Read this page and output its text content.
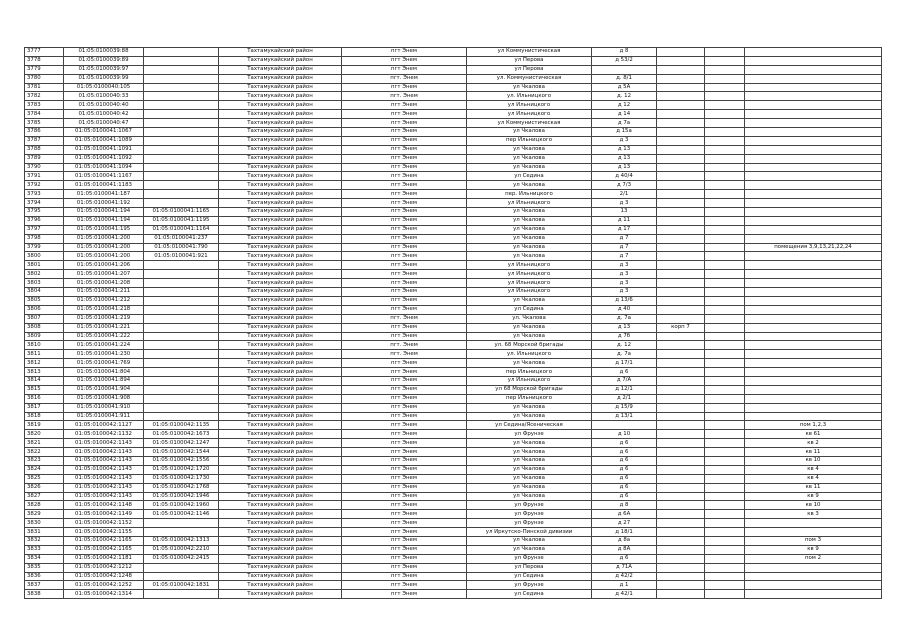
3777	01:05:0100039:88		Тахтамукайский район	пгт Энем	ул Коммунистическая	д 8			
3778	01:05:0100039:89		Тахтамукайский район	пгт Энем	ул Перова	д 53/2			
3779	01:05:0100039:97		Тахтамукайский район	пгт Энем	ул Перова				
3780	01:05:0100039:99		Тахтамукайский район	пгт. Энем	ул. Коммунистическая	д. 8/1			
3781	01:05:0100040:105		Тахтамукайский район	пгт Энем	ул Чкалова	д 5А			
3782	01:05:0100040:33		Тахтамукайский район	пгт. Энем	ул. Ильницкого	д. 12			
3783	01:05:0100040:40		Тахтамукайский район	пгт Энем	ул Ильницкого	д 12			
3784	01:05:0100040:42		Тахтамукайский район	пгт Энем	ул Ильницкого	д 14			
3785	01:05:0100040:47		Тахтамукайский район	пгт Энем	ул Коммунистическая	д 7а			
3786	01:05:0100041:1067		Тахтамукайский район	пгт Энем	ул Чкалова	д 15а			
3787	01:05:0100041:1089		Тахтамукайский район	пгт Энем	пер Ильницкого	д 3			
3788	01:05:0100041:1091		Тахтамукайский район	пгт Энем	ул Чкалова	д 13			
3789	01:05:0100041:1092		Тахтамукайский район	пгт Энем	ул Чкалова	д 13			
3790	01:05:0100041:1094		Тахтамукайский район	пгт Энем	ул Чкалова	д 13			
3791	01:05:0100041:1167		Тахтамукайский район	пгт Энем	ул Седина	д 40/4			
3792	01:05:0100041:1183		Тахтамукайский район	пгт Энем	ул Чкалова	д 7/3			
3793	01:05:0100041:187		Тахтамукайский район	пгт Энем	пер. Ильницкого	2/1			
3794	01:05:0100041:192		Тахтамукайский район	пгт Энем	ул Ильницкого	д 3			
3795	01:05:0100041:194	01:05:0100041:1165	Тахтамукайский район	пгт Энем	ул Чкалова	13			
3796	01:05:0100041:194	01:05:0100041:1195	Тахтамукайский район	пгт Энем	ул Чкалова	д 11			
3797	01:05:0100041:195	01:05:0100041:1164	Тахтамукайский район	пгт Энем	ул Чкалова	д 17			
3798	01:05:0100041:200	01:05:0100041:237	Тахтамукайский район	пгт Энем	ул Чкалова	д 7			
3799	01:05:0100041:200	01:05:0100041:790	Тахтамукайский район	пгт Энем	ул Чкалова	д 7			помещения 3,9,13,21,22,24
3800	01:05:0100041:200	01:05:0100041:921	Тахтамукайский район	пгт Энем	ул Чкалова	д 7			
3801	01:05:0100041:206		Тахтамукайский район	пгт Энем	ул Ильницкого	д 3			
3802	01:05:0100041:207		Тахтамукайский район	пгт Энем	ул Ильницкого	д 3			
3803	01:05:0100041:208		Тахтамукайский район	пгт Энем	ул Ильницкого	д 3			
3804	01:05:0100041:211		Тахтамукайский район	пгт Энем	ул Ильницкого	д 3			
3805	01:05:0100041:212		Тахтамукайский район	пгт Энем	ул Чкалова	д 13/6			
3806	01:05:0100041:218		Тахтамукайский район	пгт Энем	ул Седина	д 40			
3807	01:05:0100041:219		Тахтамукайский район	пгт. Энем	ул. Чкалова	д. 7а			
3808	01:05:0100041:221		Тахтамукайский район	пгт Энем	ул Чкалова	д 13	корп 7		
3809	01:05:0100041:222		Тахтамукайский район	пгт Энем	ул Чкалова	д 7б			
3810	01:05:0100041:224		Тахтамукайский район	пгт. Энем	ул. 68 Морской бригады	д. 12			
3811	01:05:0100041:230		Тахтамукайский район	пгт. Энем	ул. Ильницкого	д. 7а			
3812	01:05:0100041:769		Тахтамукайский район	пгт Энем	ул Чкалова	д 17/1			
3813	01:05:0100041:804		Тахтамукайский район	пгт Энем	пер Ильницкого	д 6			
3814	01:05:0100041:894		Тахтамукайский район	пгт Энем	ул Ильницкого	д 7/А			
3815	01:05:0100041:904		Тахтамукайский район	пгт Энем	ул 68 Морской бригады	д 12/1			
3816	01:05:0100041:908		Тахтамукайский район	пгт Энем	пер Ильницкого	д 2/1			
3817	01:05:0100041:910		Тахтамукайский район	пгт Энем	ул Чкалова	д 15/9			
3818	01:05:0100041:911		Тахтамукайский район	пгт Энем	ул Чкалова	д 13/1			
3819	01:05:0100042:1127	01:05:0100042:1135	Тахтамукайский район	пгт Энем	ул Седина/Ясеническая				пом 1,2,3
3820	01:05:0100042:1132	01:05:0100042:1673	Тахтамукайский район	пгт Энем	ул Фрунзе	д 10			кв 61
3821	01:05:0100042:1143	01:05:0100042:1247	Тахтамукайский район	пгт Энем	ул Чкалова	д 6			кв 2
3822	01:05:0100042:1143	01:05:0100042:1544	Тахтамукайский район	пгт Энем	ул Чкалова	д 6			кв 11
3823	01:05:0100042:1143	01:05:0100042:1556	Тахтамукайский район	пгт Энем	ул Чкалова	д 6			кв 10
3824	01:05:0100042:1143	01:05:0100042:1720	Тахтамукайский район	пгт Энем	ул Чкалова	д 6			кв 4
3825	01:05:0100042:1143	01:05:0100042:1730	Тахтамукайский район	пгт Энем	ул Чкалова	д 6			кв 4
3826	01:05:0100042:1143	01:05:0100042:1768	Тахтамукайский район	пгт Энем	ул Чкалова	д 6			кв 11
3827	01:05:0100042:1143	01:05:0100042:1946	Тахтамукайский район	пгт Энем	ул Чкалова	д 6			кв 9
3828	01:05:0100042:1148	01:05:0100042:1960	Тахтамукайский район	пгт Энем	ул Фрунзе	д 8			кв 10
3829	01:05:0100042:1149	01:05:0100042:1146	Тахтамукайский район	пгт Энем	ул Фрунзе	д 6А			кв 3
3830	01:05:0100042:1152		Тахтамукайский район	пгт Энем	ул Фрунзе	д 27			
3831	01:05:0100042:1155		Тахтамукайский район	пгт Энем	ул Иркутско-Пинской дивизии	д 18/1			
3832	01:05:0100042:1165	01:05:0100042:1313	Тахтамукайский район	пгт Энем	ул Чкалова	д 8а			пом 3
3833	01:05:0100042:1165	01:05:0100042:2210	Тахтамукайский район	пгт Энем	ул Чкалова	д 8А			кв 9
3834	01:05:0100042:1181	01:05:0100042:2415	Тахтамукайский район	пгт Энем	ул Фрунзе	д 6			пом 2
3835	01:05:0100042:1212		Тахтамукайский район	пгт Энем	ул Перова	д 71А			
3836	01:05:0100042:1248		Тахтамукайский район	пгт Энем	ул Седина	д 42/2			
3837	01:05:0100042:1252	01:05:0100042:1831	Тахтамукайский район	пгт Энем	ул Фрунзе	д 1			
3838	01:05:0100042:1314		Тахтамукайский район	пгт Энем	ул Седина	д 42/1			
